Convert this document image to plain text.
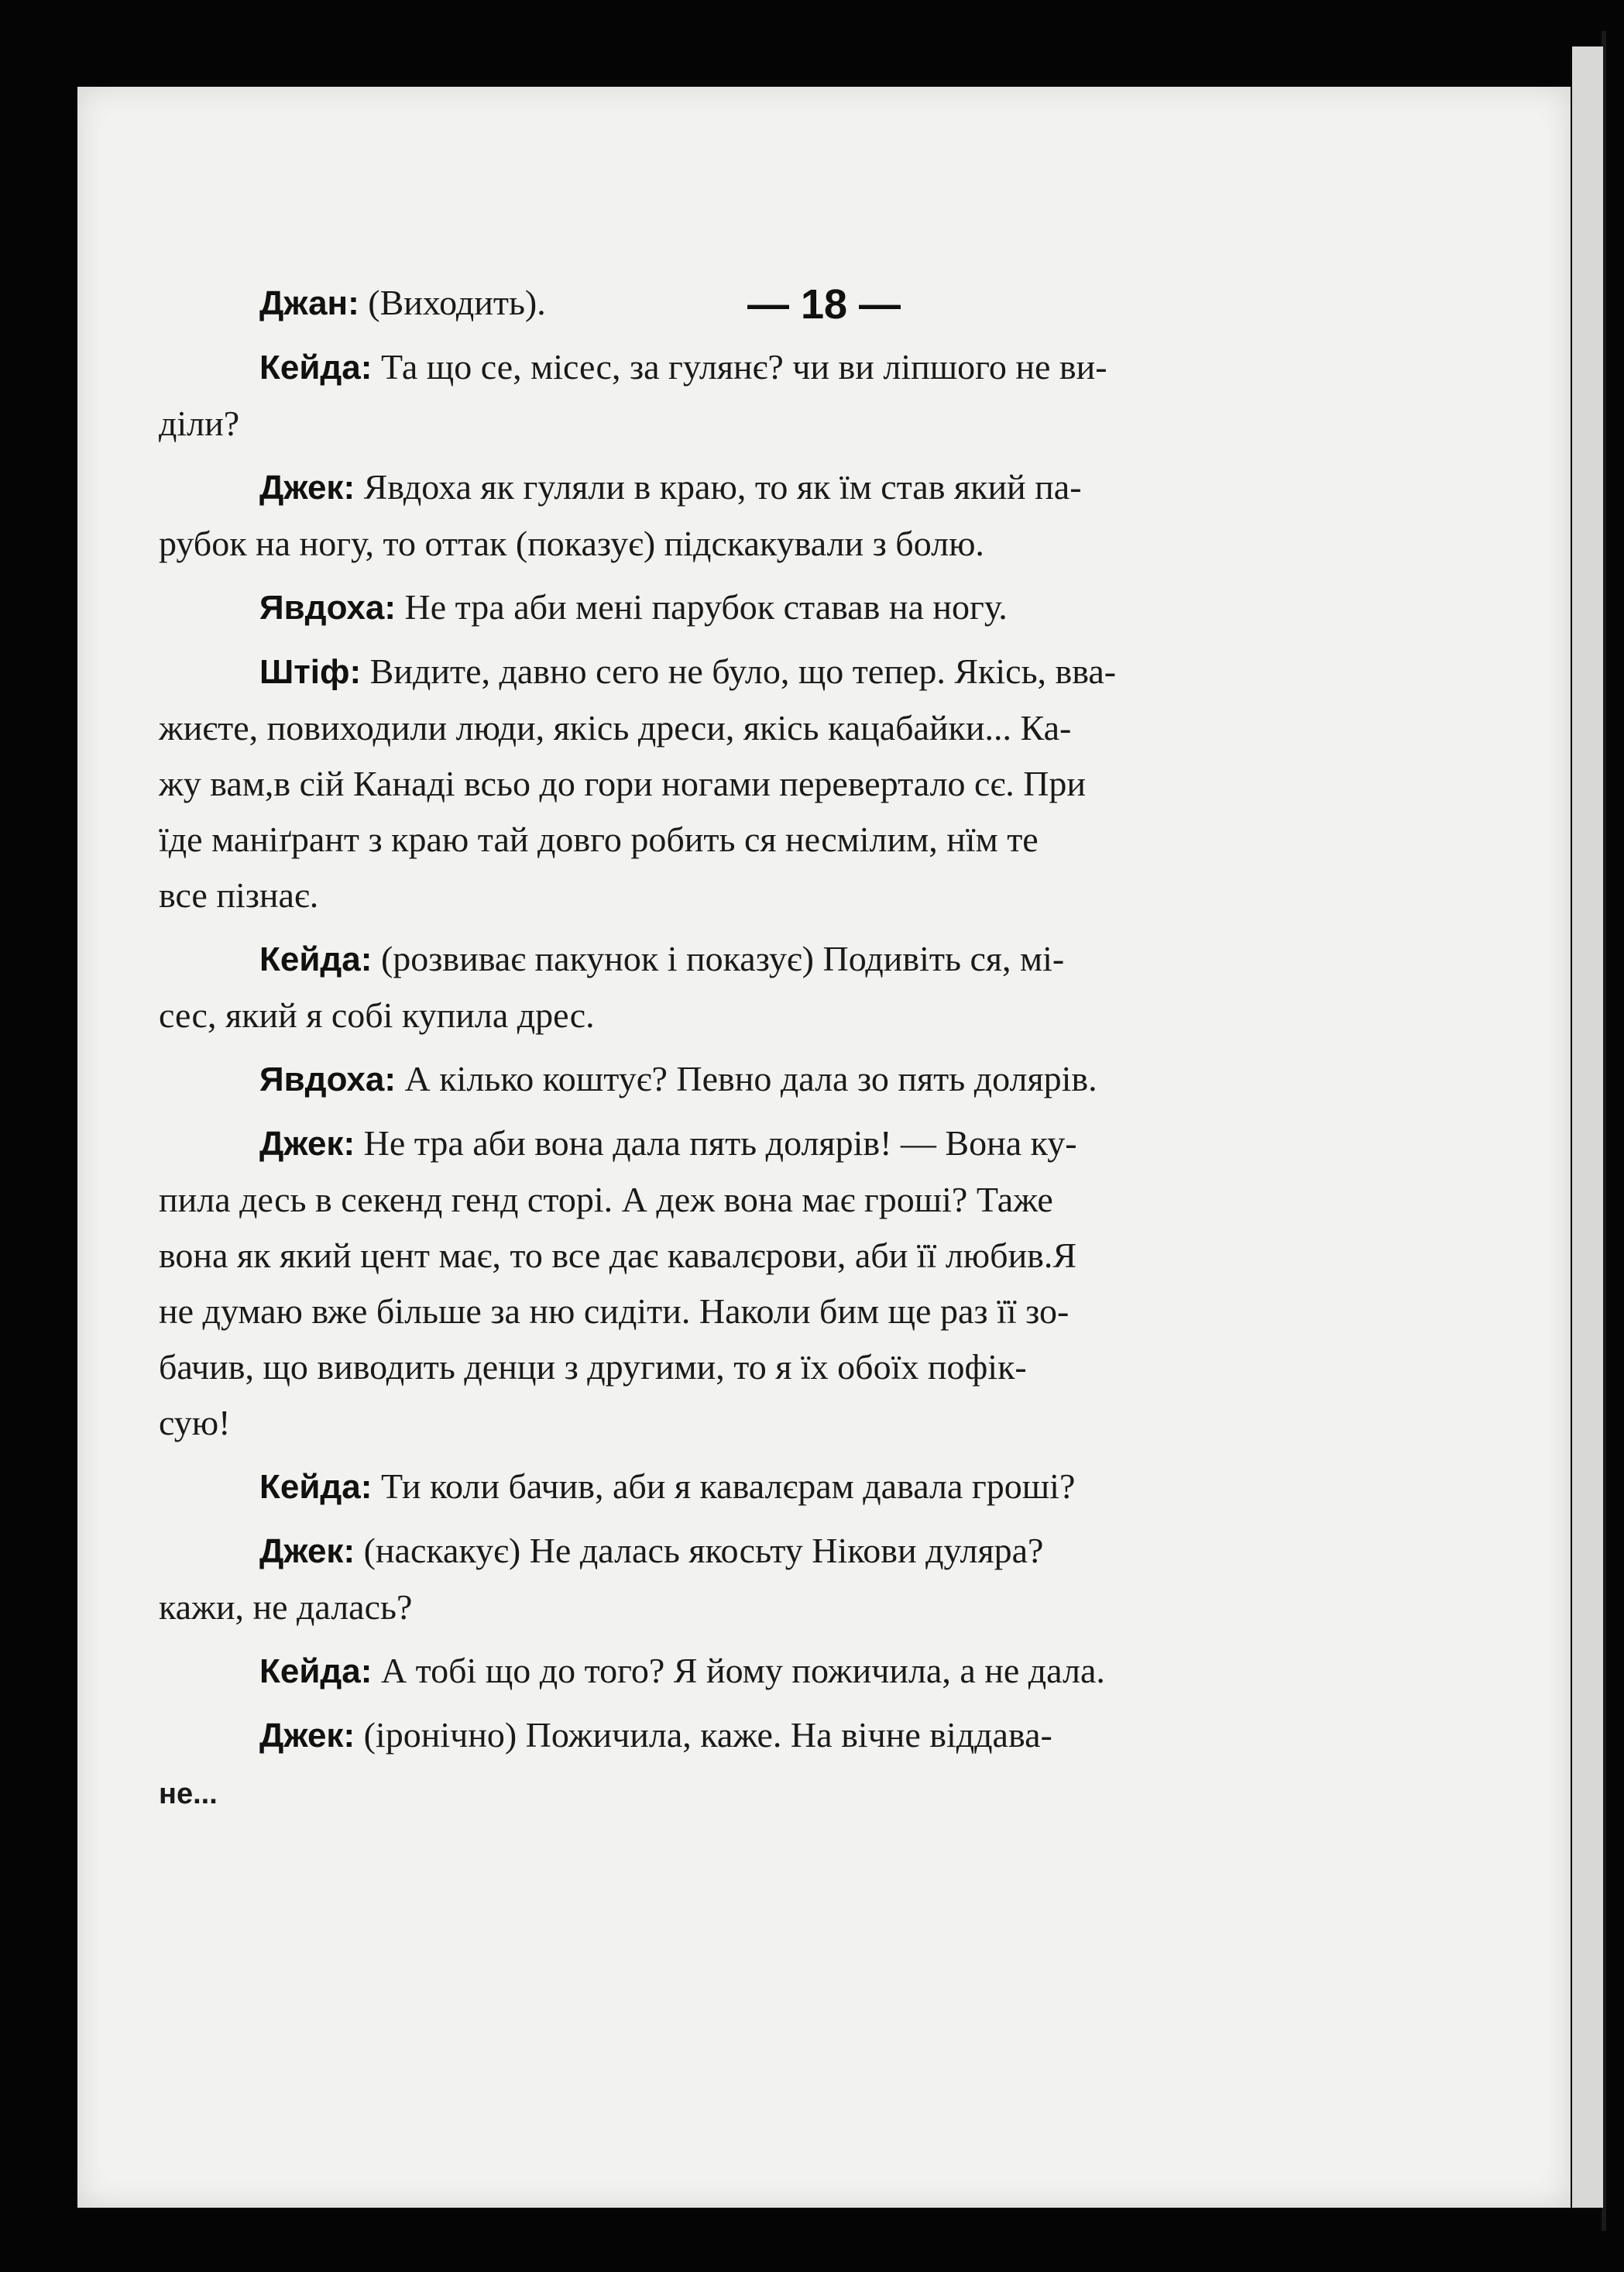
— 18 —
Джан: (Виходить).
Кейда: Та що се, місес, за гулянє? чи ви ліпшого не ви-
діли?
Джек: Явдоха як гуляли в краю, то як їм став який па-
рубок на ногу, то оттак (показує) підскакували з болю.
Явдоха: Не тра аби мені парубок ставав на ногу.
Штіф: Видите, давно сего не було, що тепер. Якісь, вва-
жиєте, повиходили люди, якісь дреси, якісь кацабайки... Ка-
жу вам,в сій Канаді всьо до гори ногами перевертало сє. При
їде маніґрант з краю тай довго робить ся несмілим, нїм те
все пізнає.
Кейда: (розвиває пакунок і показує) Подивіть ся, мі-
сес, який я собі купила дрес.
Явдоха: А кілько коштує? Певно дала зо пять долярів.
Джек: Не тра аби вона дала пять долярів! — Вона ку-
пила десь в секенд генд сторі. А деж вона має гроші? Таже
вона як який цент має, то все дає кавалєрови, аби її любив.Я
не думаю вже більше за ню сидіти. Наколи бим ще раз її зо-
бачив, що виводить денци з другими, то я їх обоїх пофік-
сую!
Кейда: Ти коли бачив, аби я кавалєрам давала гроші?
Джек: (наскакує) Не далась якосьту Нікови дуляра?
кажи, не далась?
Кейда: А тобі що до того? Я йому пожичила, а не дала.
Джек: (іронічно) Пожичила, каже. На вічне віддава-
не...
